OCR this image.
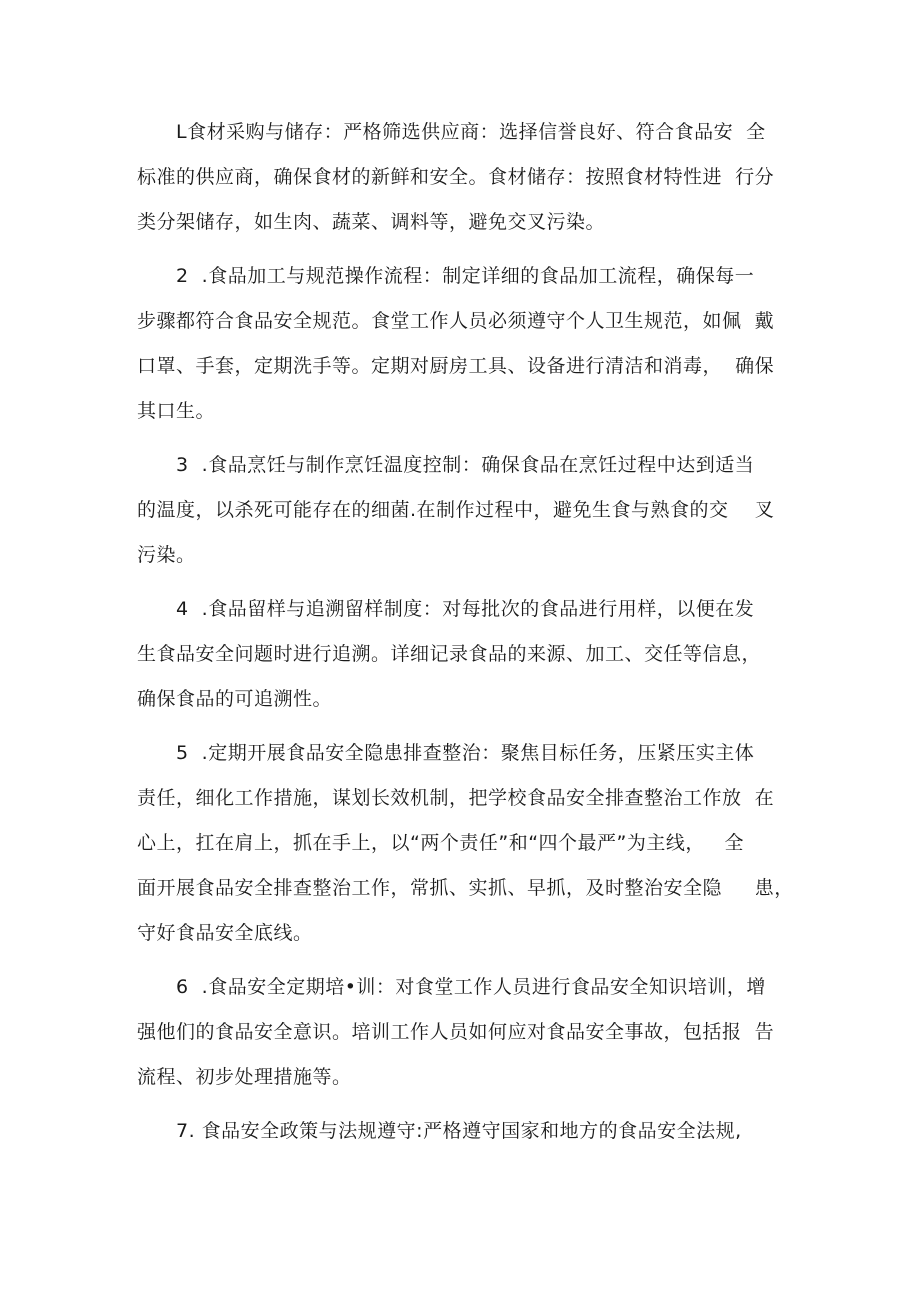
L食材采购与储存：严格筛选供应商：选择信誉良好、符合食品安  全
标准的供应商，确保食材的新鲜和安全。食材储存：按照食材特性进  行分
类分架储存，如生肉、蔬菜、调料等，避免交叉污染。
2  .食品加工与规范操作流程：制定详细的食品加工流程，确保每一
步骤都符合食品安全规范。食堂工作人员必须遵守个人卫生规范，如佩  戴
口罩、手套，定期洗手等。定期对厨房工具、设备进行清洁和消毒，  确保
其口生。
3  .食品烹饪与制作烹饪温度控制：确保食品在烹饪过程中达到适当
的温度，以杀死可能存在的细菌.在制作过程中，避免生食与熟食的交    叉
污染。
4  .食品留样与追溯留样制度：对每批次的食品进行用样，以便在发
生食品安全问题时进行追溯。详细记录食品的来源、加工、交任等信息，
确保食品的可追溯性。
5  .定期开展食品安全隐患排查整治：聚焦目标任务，压紧压实主体
责任，细化工作措施，谋划长效机制，把学校食品安全排查整治工作放  在
心上，扛在肩上，抓在手上，以“两个责任”和“四个最严”为主线，   全
面开展食品安全排查整治工作，常抓、实抓、早抓，及时整治安全隐     患，
守好食品安全底线。
6  .食品安全定期培•训：对食堂工作人员进行食品安全知识培训，增
强他们的食品安全意识。培训工作人员如何应对食品安全事故，包括报  告
流程、初步处理措施等。
7. 食品安全政策与法规遵守:严格遵守国家和地方的食品安全法规,
